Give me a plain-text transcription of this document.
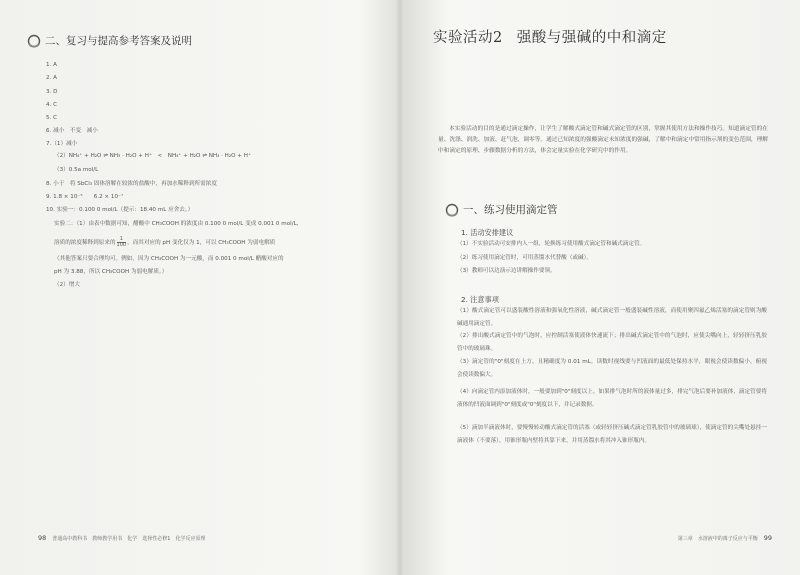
二、复习与提高参考答案及说明
1. A
2. A
3. D
4. C
5. C
6. 减小　不变　减小
7.（1）减小
（2）NH₄⁺ + H₂O ⇌ NH₃ · H₂O + H⁺　<　NH₄⁺ + H₂O ⇌ NH₃ · H₂O + H⁺
（3）0.5a mol/L
8. 小于　将 SbCl₃ 固体溶解在较浓的盐酸中，再加水稀释到所需浓度
9. 1.8 × 10⁻⁵　　6.2 × 10⁻⁷
10. 实验一：0.100 0 mol/L（提示：18.40 mL 应舍去。）
实验二：（1）由表中数据可知，醋酸中 CH₃COOH 的浓度由 0.100 0 mol/L 变成 0.001 0 mol/L，
溶质的浓度稀释到原来的 $\frac{1}{100}$ ，而其对应的 pH 变化仅为 1，可以 CH₃COOH 为弱电解质
（其他答案只要合理均可。例如，因为 CH₃COOH 为一元酸，而 0.001 0 mol/L 醋酸对应的
pH 为 3.88，所以 CH₃COOH 为弱电解质。）
（2）增大
98 普通高中教科书　教师教学用书　化学　选择性必修1　化学反应原理
实验活动2 强酸与强碱的中和滴定
本实验活动的目的是通过滴定操作，让学生了解酸式滴定管和碱式滴定管的区别，掌握其使用方法和操作技巧。知道滴定管的在量、洗涤、润洗、加液、赶气泡、调零等。通过已知浓度的强酸滴定未知浓度的强碱，了解中和滴定中常用指示剂的变色范围，理解中和滴定的原理、步骤数据分析的方法，体会定量实验在化学研究中的作用。
一、练习使用滴定管
1. 活动安排建议
（1）不实验活动可安排内人一组，轮换练习使用酸式滴定管和碱式滴定管。
（2）练习使用滴定管时，可用蒸馏水代替酸（或碱）。
（3）教师可以边演示边讲解操作要领。
2. 注意事项
（1）酸式滴定管可以盛装酸性溶液和强氧化性溶液，碱式滴定管一般盛装碱性溶液，而使用聚四氟乙烯活塞的滴定管则为酸碱通用滴定管。
（2）排出酸式滴定管中的气泡时，应控制活塞使液体快速流下；排出碱式滴定管中的气泡时，应使尖嘴向上，轻轻挤压乳胶管中的玻璃珠。
（3）滴定管的"0"刻度在上方，且精确度为 0.01 mL。读数时视线要与凹液面的最低处保持水平，眼视会使读数偏小，俯视会使读数偏大。
（4）向滴定管内添加液体时，一般要加到"0"刻度以上。如果排气泡时所的液体量过多，排完气泡后要补加液体，滴定管要将液体的凹液面调到"0"刻度或"0"刻度以下，并记录数据。
（5）滴加半滴液体时，要慢慢转动酸式滴定管的活塞（或轻轻挤压碱式滴定管乳胶管中的玻璃球），使滴定管的尖嘴处悬挂一滴液体（不要落），用锥形瓶内壁将其靠下来，并用蒸馏水将其冲入锥形瓶内。
第三章　水溶液中的离子反应与平衡 99
